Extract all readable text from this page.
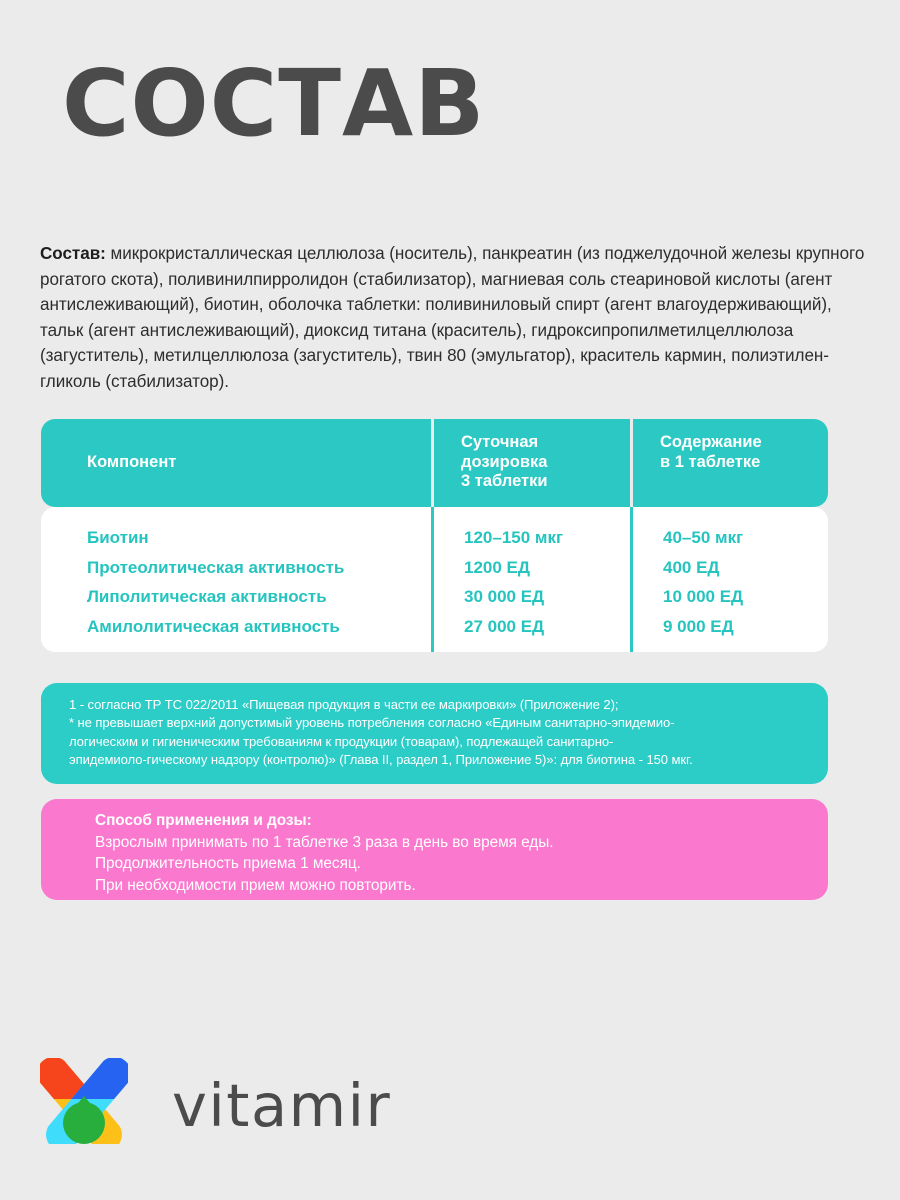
СОСТАВ

Состав: микрокристаллическая целлюлоза (носитель), панкреатин (из поджелудочной железы крупного рогатого скота), поливинилпирролидон (стабилизатор), магниевая соль стеариновой кислоты (агент антислеживающий), биотин, оболочка таблетки: поливиниловый спирт (агент влагоудерживающий), тальк (агент антислеживающий), диоксид титана (краситель), гидроксипропилметилцеллюлоза (загуститель), метилцеллюлоза (загуститель), твин 80 (эмульгатор), краситель кармин, полиэтилен-гликоль (стабилизатор).

Компонент
Суточная
дозировка
3 таблетки
Содержание
в 1 таблетке
Биотин
Протеолитическая активность
Липолитическая активность
Амилолитическая активность
120–150 мкг
1200 ЕД
30 000 ЕД
27 000 ЕД
40–50 мкг
400 ЕД
10 000 ЕД
9 000 ЕД
1 - согласно ТР ТС 022/2011 «Пищевая продукция в части ее маркировки» (Приложение 2);
* не превышает верхний допустимый уровень потребления согласно «Единым санитарно-эпидемио-
логическим и гигиеническим требованиям к продукции (товарам), подлежащей санитарно-
эпидемиоло-гическому надзору (контролю)» (Глава II, раздел 1, Приложение 5)»: для биотина - 150 мкг.
Способ применения и дозы:
Взрослым принимать по 1 таблетке 3 раза в день во время еды.
Продолжительность приема 1 месяц.
При необходимости прием можно повторить.
vitamir
